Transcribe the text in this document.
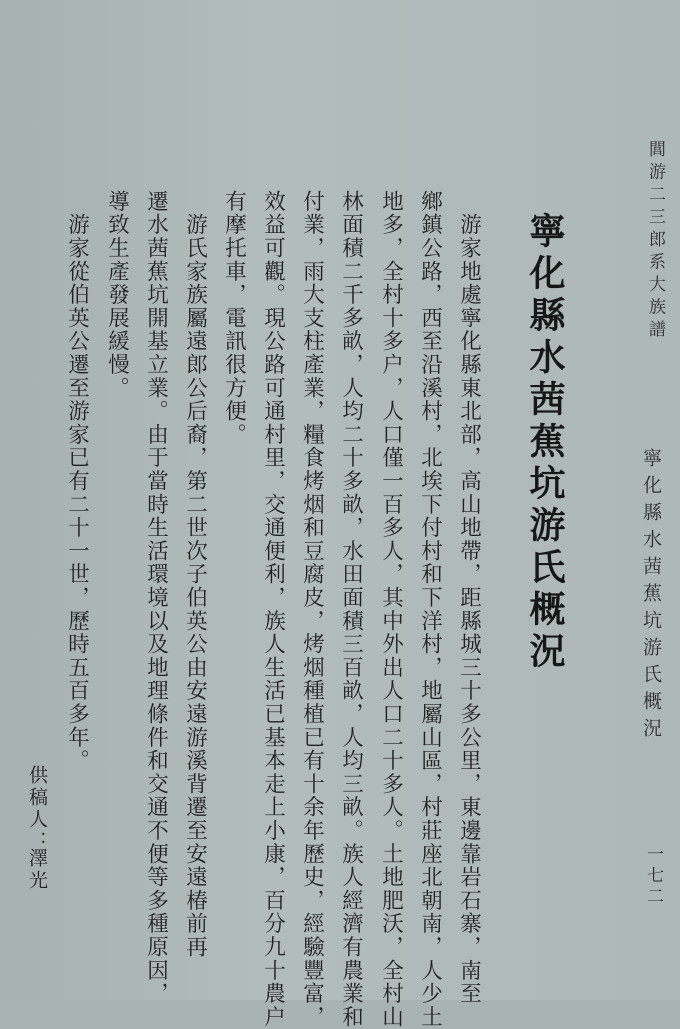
閭游二三郎系大族譜
寧化縣水茜蕉坑游氏概況
一七二
寧化縣水茜蕉坑游氏概況
　游家地處寧化縣東北部，高山地帶，距縣城三十多公里，東邊靠岩石寨，南至
鄉鎮公路，西至沿溪村，北埃下付村和下洋村，地屬山區，村莊座北朝南，人少土
地多，全村十多户，人口僅一百多人，其中外出人口二十多人。土地肥沃，全村山
林面積二千多畝，人均二十多畝，水田面積三百畝，人均三畝。族人經濟有農業和
付業，雨大支柱產業，糧食烤烟和豆腐皮，烤烟種植已有十余年歷史，經驗豐富，
效益可觀。現公路可通村里，交通便利，族人生活已基本走上小康，百分九十農户
有摩托車，電訊很方便。
　游氏家族屬遠郎公后裔，第二世次子伯英公由安遠游溪背遷至安遠椿前再
遷水茜蕉坑開基立業。由于當時生活環境以及地理條件和交通不便等多種原因，
導致生產發展緩慢。
　游家從伯英公遷至游家已有二十一世，歷時五百多年。
供稿人：
澤光
